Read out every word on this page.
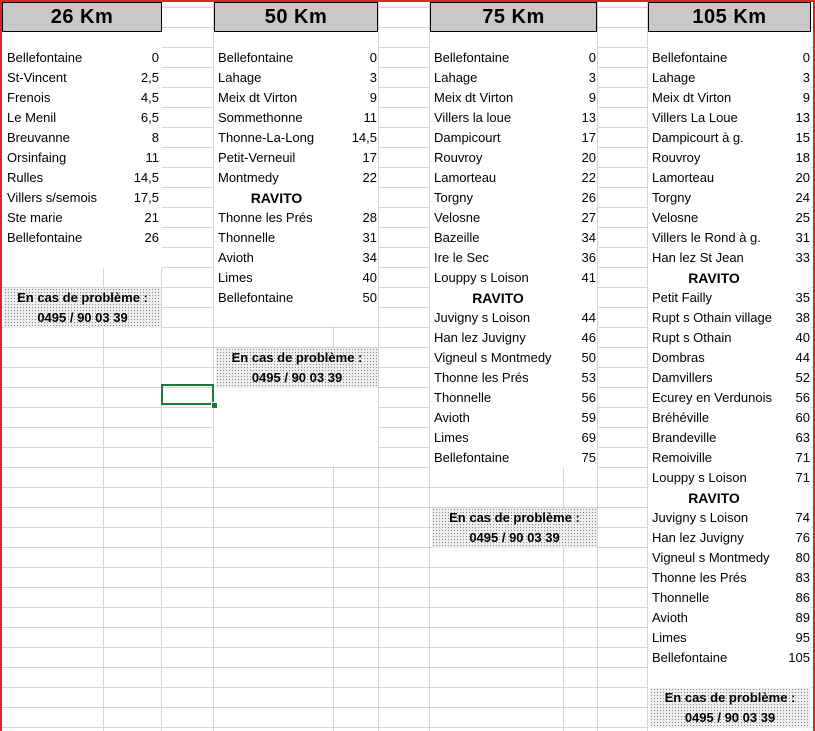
26 Km	50 Km	75 Km	105 Km
Bellefontaine	0
St-Vincent	2,5
Frenois	4,5
Le Menil	6,5
Breuvanne	8
Orsinfaing	11
Rulles	14,5
Villers s/semois	17,5
Ste marie	21
Bellefontaine	26
Bellefontaine	0
Lahage	3
Meix dt Virton	9
Sommethonne	11
Thonne-La-Long	14,5
Petit-Verneuil	17
Montmedy	22
RAVITO
Thonne les Prés	28
Thonnelle	31
Avioth	34
Limes	40
Bellefontaine	50
Bellefontaine	0
Lahage	3
Meix dt Virton	9
Villers la loue	13
Dampicourt	17
Rouvroy	20
Lamorteau	22
Torgny	26
Velosne	27
Bazeille	34
Ire le Sec	36
Louppy s Loison	41
RAVITO
Juvigny s Loison	44
Han lez Juvigny	46
Vigneul s Montmedy	50
Thonne les Prés	53
Thonnelle	56
Avioth	59
Limes	69
Bellefontaine	75
Bellefontaine	0
Lahage	3
Meix dt Virton	9
Villers La Loue	13
Dampicourt à g.	15
Rouvroy	18
Lamorteau	20
Torgny	24
Velosne	25
Villers le Rond à g.	31
Han lez St Jean	33
RAVITO
Petit Failly	35
Rupt s Othain village	38
Rupt s Othain	40
Dombras	44
Damvillers	52
Ecurey en Verdunois	56
Bréhéville	60
Brandeville	63
Remoiville	71
Louppy s Loison	71
RAVITO
Juvigny s Loison	74
Han lez Juvigny	76
Vigneul s Montmedy	80
Thonne les Prés	83
Thonnelle	86
Avioth	89
Limes	95
Bellefontaine	105
En cas de problème :
0495 / 90 03 39
En cas de problème :
0495 / 90 03 39
En cas de problème :
0495 / 90 03 39
En cas de problème :
0495 / 90 03 39
